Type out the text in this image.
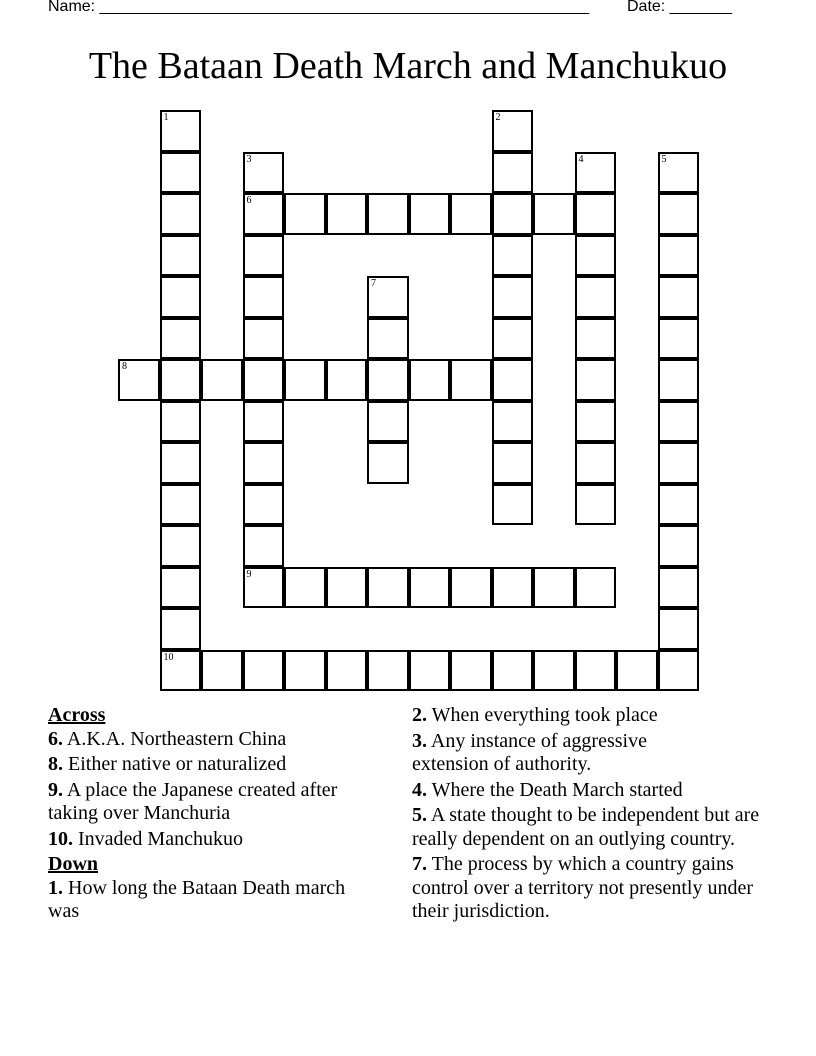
Name: _______________________________________________________ Date: _______
The Bataan Death March and Manchukuo
1	2
3
6
9
4	5
7
8
10

Across

6. A.K.A. Northeastern China
8. Either native or naturalized
9. A place the Japanese created after taking over Manchuria
10. Invaded Manchukuo

Down

1. How long the Bataan Death march was
2. When everything took place
3. Any instance of aggressive extension of authority.
4. Where the Death March started
5. A state thought to be independent but are really dependent on an outlying country.
7. The process by which a country gains control over a territory not presently under their jurisdiction.
